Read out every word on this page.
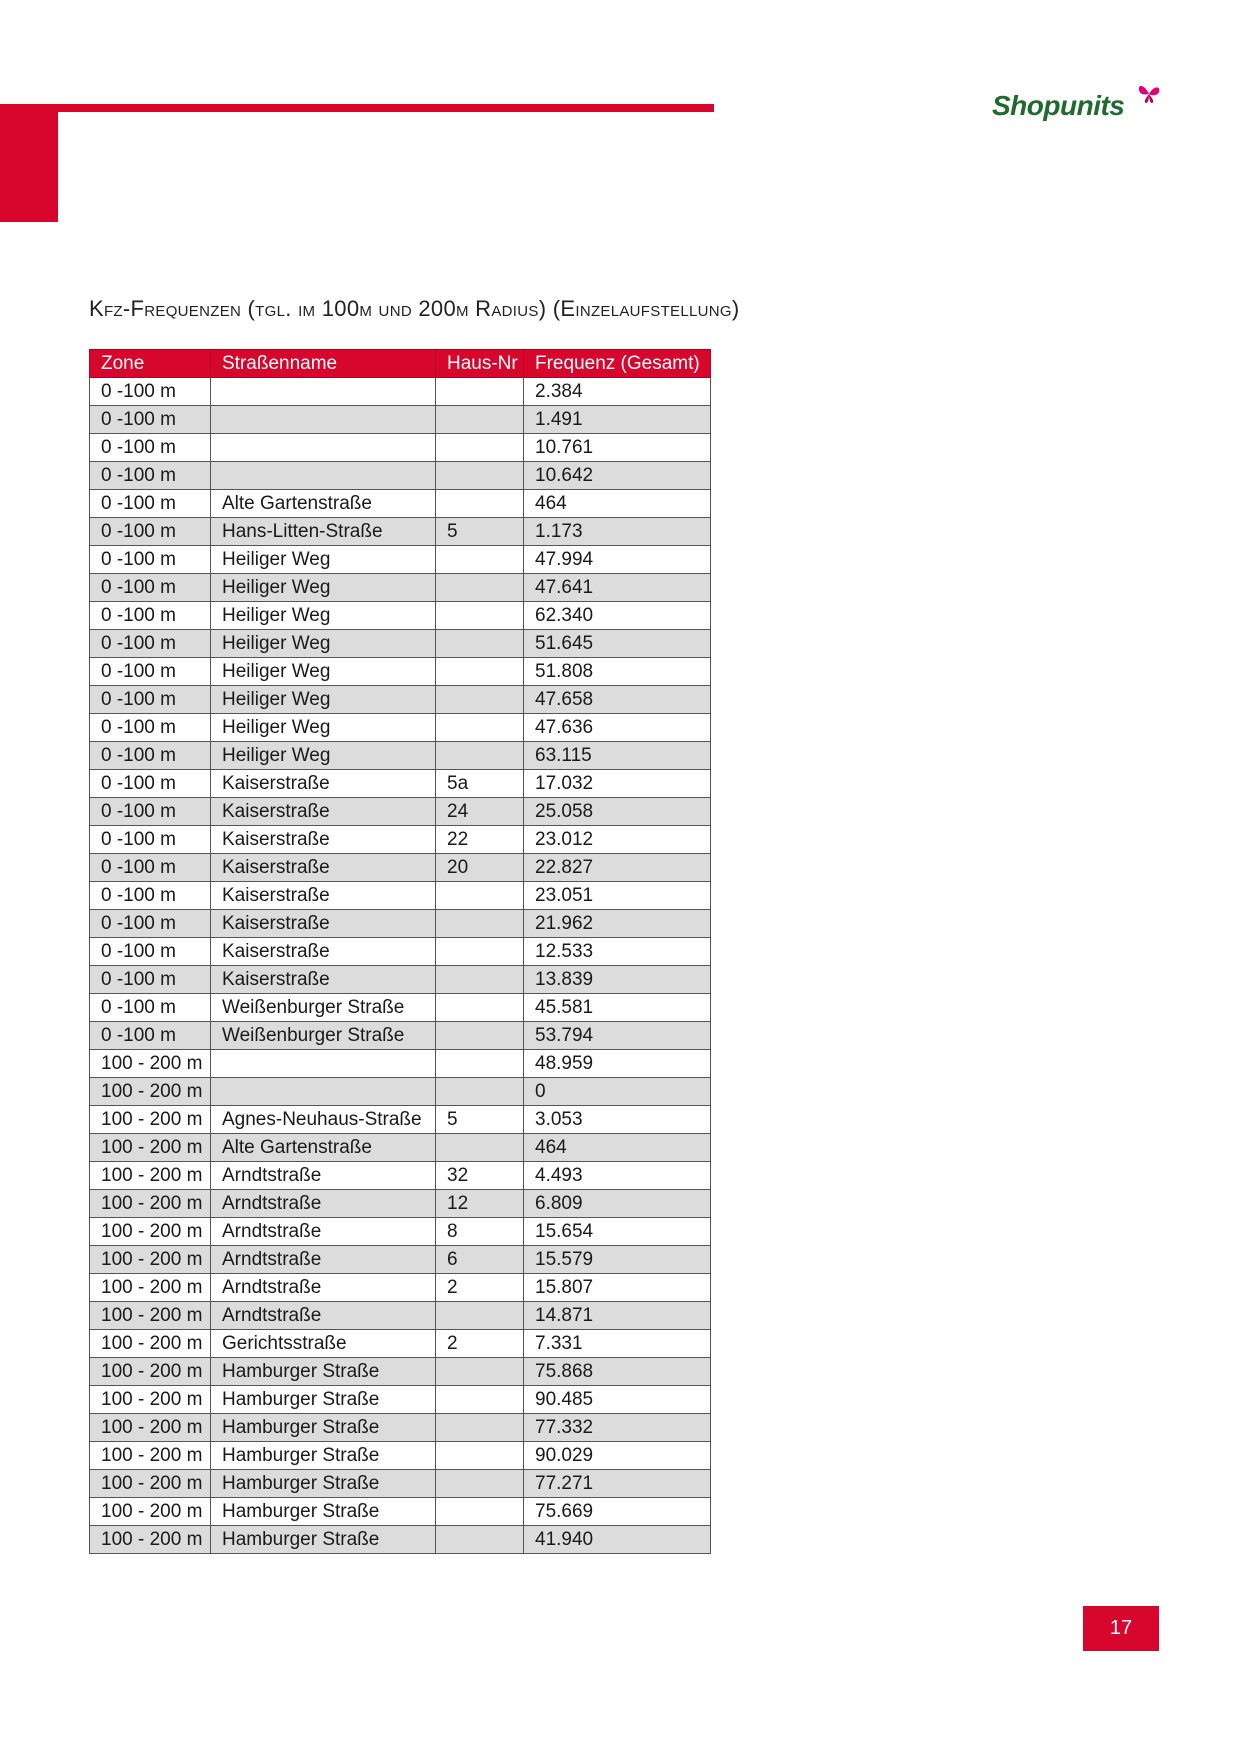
Shopunits
Kfz-Frequenzen (tgl. im 100m und 200m Radius) (Einzelaufstellung)
Zone	Straßenname	Haus-Nr	Frequenz (Gesamt)
0 -100 m			2.384
0 -100 m			1.491
0 -100 m			10.761
0 -100 m			10.642
0 -100 m	Alte Gartenstraße		464
0 -100 m	Hans-Litten-Straße	5	1.173
0 -100 m	Heiliger Weg		47.994
0 -100 m	Heiliger Weg		47.641
0 -100 m	Heiliger Weg		62.340
0 -100 m	Heiliger Weg		51.645
0 -100 m	Heiliger Weg		51.808
0 -100 m	Heiliger Weg		47.658
0 -100 m	Heiliger Weg		47.636
0 -100 m	Heiliger Weg		63.115
0 -100 m	Kaiserstraße	5a	17.032
0 -100 m	Kaiserstraße	24	25.058
0 -100 m	Kaiserstraße	22	23.012
0 -100 m	Kaiserstraße	20	22.827
0 -100 m	Kaiserstraße		23.051
0 -100 m	Kaiserstraße		21.962
0 -100 m	Kaiserstraße		12.533
0 -100 m	Kaiserstraße		13.839
0 -100 m	Weißenburger Straße		45.581
0 -100 m	Weißenburger Straße		53.794
100 - 200 m			48.959
100 - 200 m			0
100 - 200 m	Agnes-Neuhaus-Straße	5	3.053
100 - 200 m	Alte Gartenstraße		464
100 - 200 m	Arndtstraße	32	4.493
100 - 200 m	Arndtstraße	12	6.809
100 - 200 m	Arndtstraße	8	15.654
100 - 200 m	Arndtstraße	6	15.579
100 - 200 m	Arndtstraße	2	15.807
100 - 200 m	Arndtstraße		14.871
100 - 200 m	Gerichtsstraße	2	7.331
100 - 200 m	Hamburger Straße		75.868
100 - 200 m	Hamburger Straße		90.485
100 - 200 m	Hamburger Straße		77.332
100 - 200 m	Hamburger Straße		90.029
100 - 200 m	Hamburger Straße		77.271
100 - 200 m	Hamburger Straße		75.669
100 - 200 m	Hamburger Straße		41.940
17
